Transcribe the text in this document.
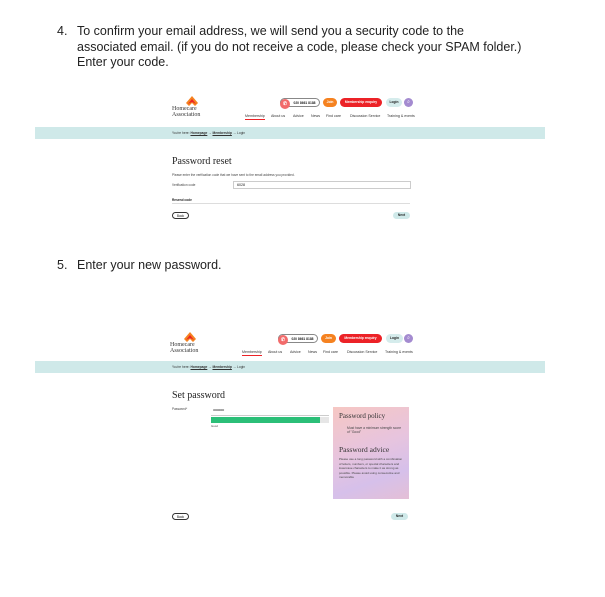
4. To confirm your email address, we will send you a security code to the associated email. (if you do not receive a code, please check your SPAM folder.) Enter your code.
Homecare
Association
✆	020 8661 8188	Join	Membership enquiry	Login	⌕
Membership About us Advice News Find care	Discussion Service Training & events
You're here: Homepage → Membership → Login
Password reset
Please enter the verification code that we have sent to the email address you provided.
Verification code	6028
Resend code
Back	Next
5. Enter your new password.
Homecare
Association
✆	020 8661 8188	Join	Membership enquiry	Login	⌕
Membership About us Advice News Find care	Discussion Service Training & events
You're here: Homepage → Membership → Login
Set password
Password*	••••••••••••
Good
Password policy
Must have a minimum strength score of "Good"
Password advice
Please use a long password with a combination of letters, numbers, or special characters and lowercase characters to make it as strong as possible. Please avoid using consecutive and memorable
Back	Next
